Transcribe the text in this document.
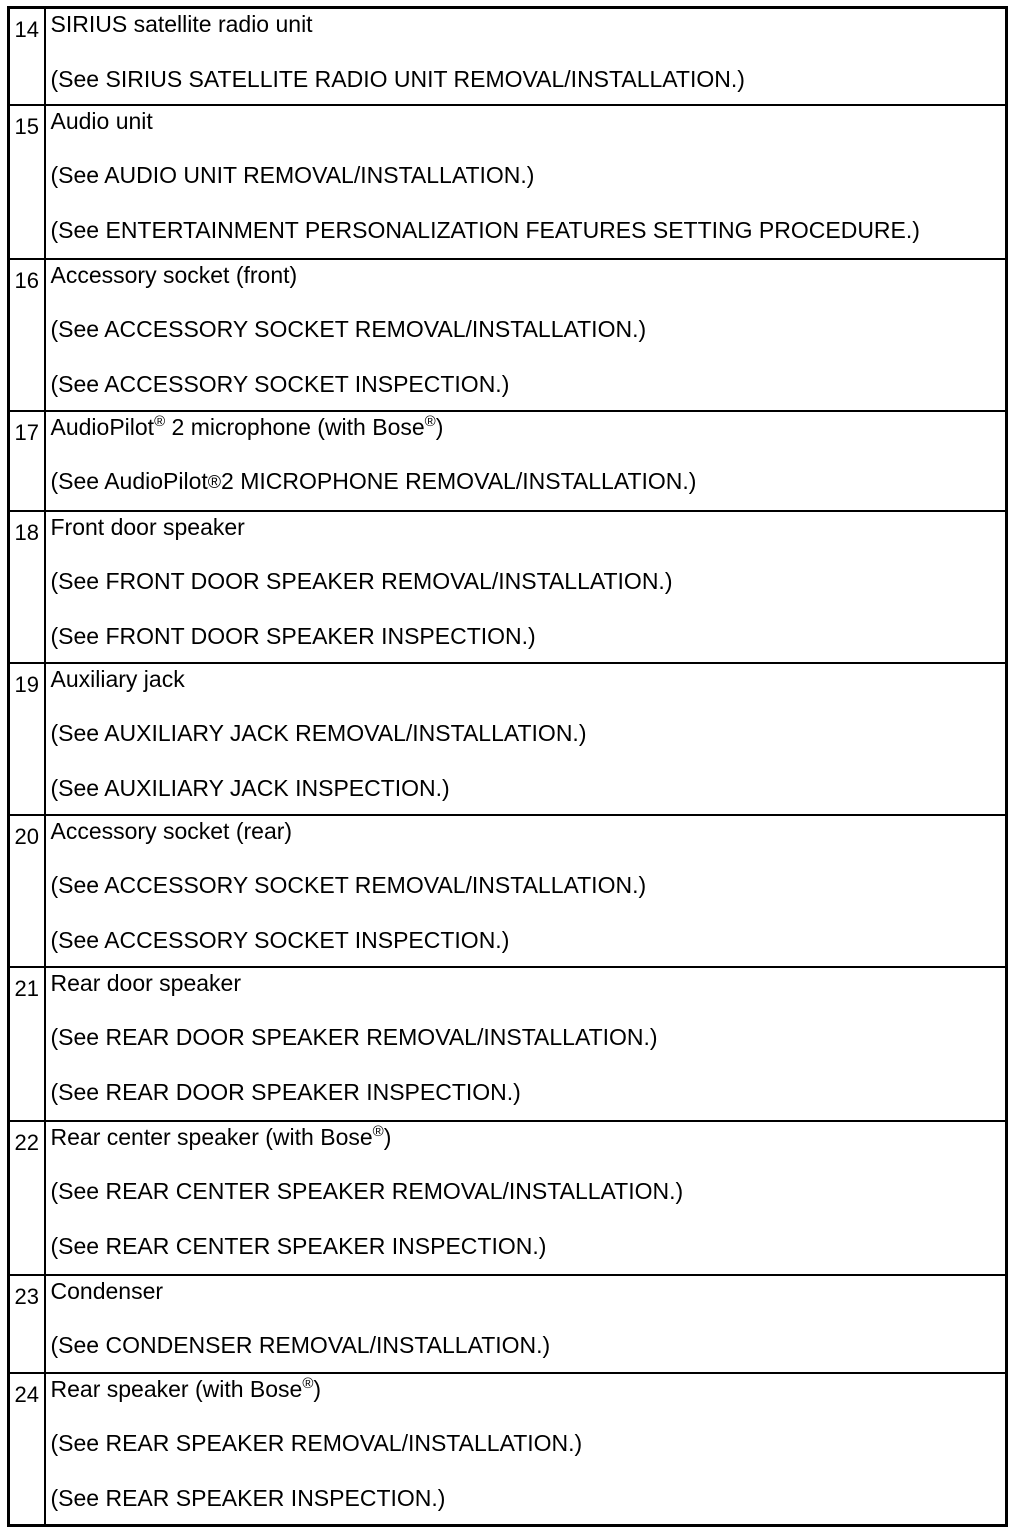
14	SIRIUS satellite radio unit
(See SIRIUS SATELLITE RADIO UNIT REMOVAL/INSTALLATION.)

15	Audio unit
(See AUDIO UNIT REMOVAL/INSTALLATION.)
(See ENTERTAINMENT PERSONALIZATION FEATURES SETTING PROCEDURE.)

16	Accessory socket (front)
(See ACCESSORY SOCKET REMOVAL/INSTALLATION.)
(See ACCESSORY SOCKET INSPECTION.)

17	AudioPilot® 2 microphone (with Bose®)
(See AudioPilot®2 MICROPHONE REMOVAL/INSTALLATION.)

18	Front door speaker
(See FRONT DOOR SPEAKER REMOVAL/INSTALLATION.)
(See FRONT DOOR SPEAKER INSPECTION.)

19	Auxiliary jack
(See AUXILIARY JACK REMOVAL/INSTALLATION.)
(See AUXILIARY JACK INSPECTION.)

20	Accessory socket (rear)
(See ACCESSORY SOCKET REMOVAL/INSTALLATION.)
(See ACCESSORY SOCKET INSPECTION.)

21	Rear door speaker
(See REAR DOOR SPEAKER REMOVAL/INSTALLATION.)
(See REAR DOOR SPEAKER INSPECTION.)

22	Rear center speaker (with Bose®)
(See REAR CENTER SPEAKER REMOVAL/INSTALLATION.)
(See REAR CENTER SPEAKER INSPECTION.)

23	Condenser
(See CONDENSER REMOVAL/INSTALLATION.)

24	Rear speaker (with Bose®)
(See REAR SPEAKER REMOVAL/INSTALLATION.)
(See REAR SPEAKER INSPECTION.)
